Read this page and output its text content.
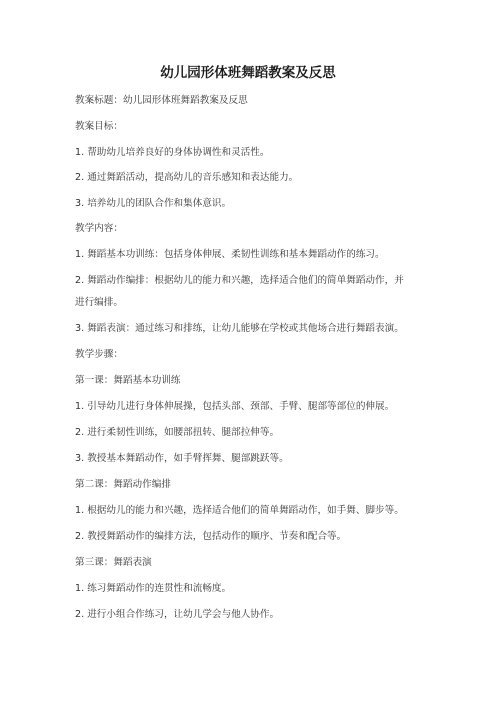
幼儿园形体班舞蹈教案及反思
教案标题：幼儿园形体班舞蹈教案及反思
教案目标：
1. 帮助幼儿培养良好的身体协调性和灵活性。
2. 通过舞蹈活动，提高幼儿的音乐感知和表达能力。
3. 培养幼儿的团队合作和集体意识。
教学内容：
1. 舞蹈基本功训练：包括身体伸展、柔韧性训练和基本舞蹈动作的练习。
2. 舞蹈动作编排：根据幼儿的能力和兴趣，选择适合他们的简单舞蹈动作，并
进行编排。
3. 舞蹈表演：通过练习和排练，让幼儿能够在学校或其他场合进行舞蹈表演。
教学步骤：
第一课：舞蹈基本功训练
1. 引导幼儿进行身体伸展操，包括头部、颈部、手臂、腿部等部位的伸展。
2. 进行柔韧性训练，如腰部扭转、腿部拉伸等。
3. 教授基本舞蹈动作，如手臂挥舞、腿部跳跃等。
第二课：舞蹈动作编排
1. 根据幼儿的能力和兴趣，选择适合他们的简单舞蹈动作，如手舞、脚步等。
2. 教授舞蹈动作的编排方法，包括动作的顺序、节奏和配合等。
第三课：舞蹈表演
1. 练习舞蹈动作的连贯性和流畅度。
2. 进行小组合作练习，让幼儿学会与他人协作。
